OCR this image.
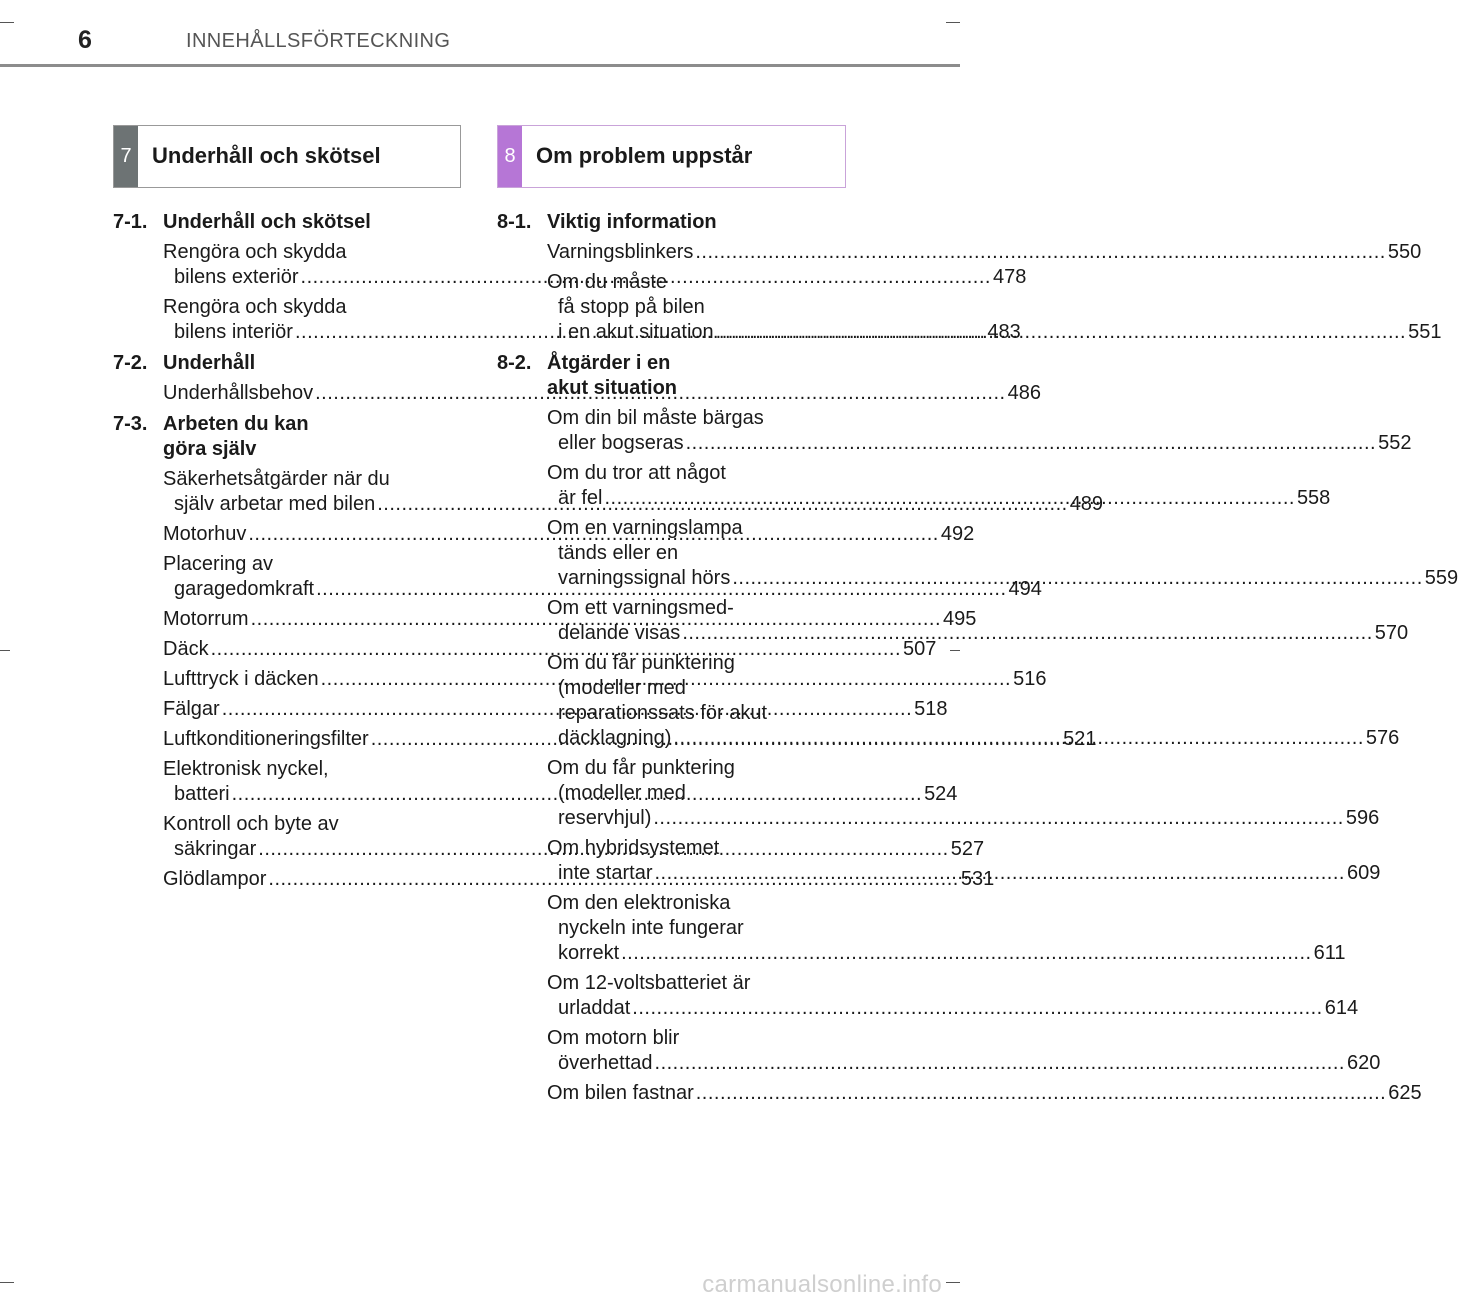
6	INNEHÅLLSFÖRTECKNING
7 Underhåll och skötsel	8 Om problem uppstår
7-1. Underhåll och skötsel
Rengöra och skydda
bilens exteriör .....	478
Rengöra och skydda
bilens interiör .....	483
7-2. Underhåll
Underhållsbehov .....	486
7-3. Arbeten du kan
göra själv
Säkerhetsåtgärder när du
själv arbetar med bilen .....	489
Motorhuv .....	492
Placering av
garagedomkraft .....	494
Motorrum .....	495
Däck .....	507
Lufttryck i däcken .....	516
Fälgar .....	518
Luftkonditioneringsfilter .....	521
Elektronisk nyckel,
batteri .....	524
Kontroll och byte av
säkringar .....	527
Glödlampor .....	531
8-1. Viktig information
Varningsblinkers .....	550
Om du måste
få stopp på bilen
i en akut situation .....	551
8-2. Åtgärder i en
akut situation
Om din bil måste bärgas
eller bogseras .....	552
Om du tror att något
är fel .....	558
Om en varningslampa
tänds eller en
varningssignal hörs .....	559
Om ett varningsmed-
delande visas .....	570
Om du får punktering
(modeller med
reparationssats för akut
däcklagning) .....	576
Om du får punktering
(modeller med
reservhjul) .....	596
Om hybridsystemet
inte startar .....	609
Om den elektroniska
nyckeln inte fungerar
korrekt .....	611
Om 12-voltsbatteriet är
urladdat .....	614
Om motorn blir
överhettad .....	620
Om bilen fastnar .....	625
carmanualsonline.info
